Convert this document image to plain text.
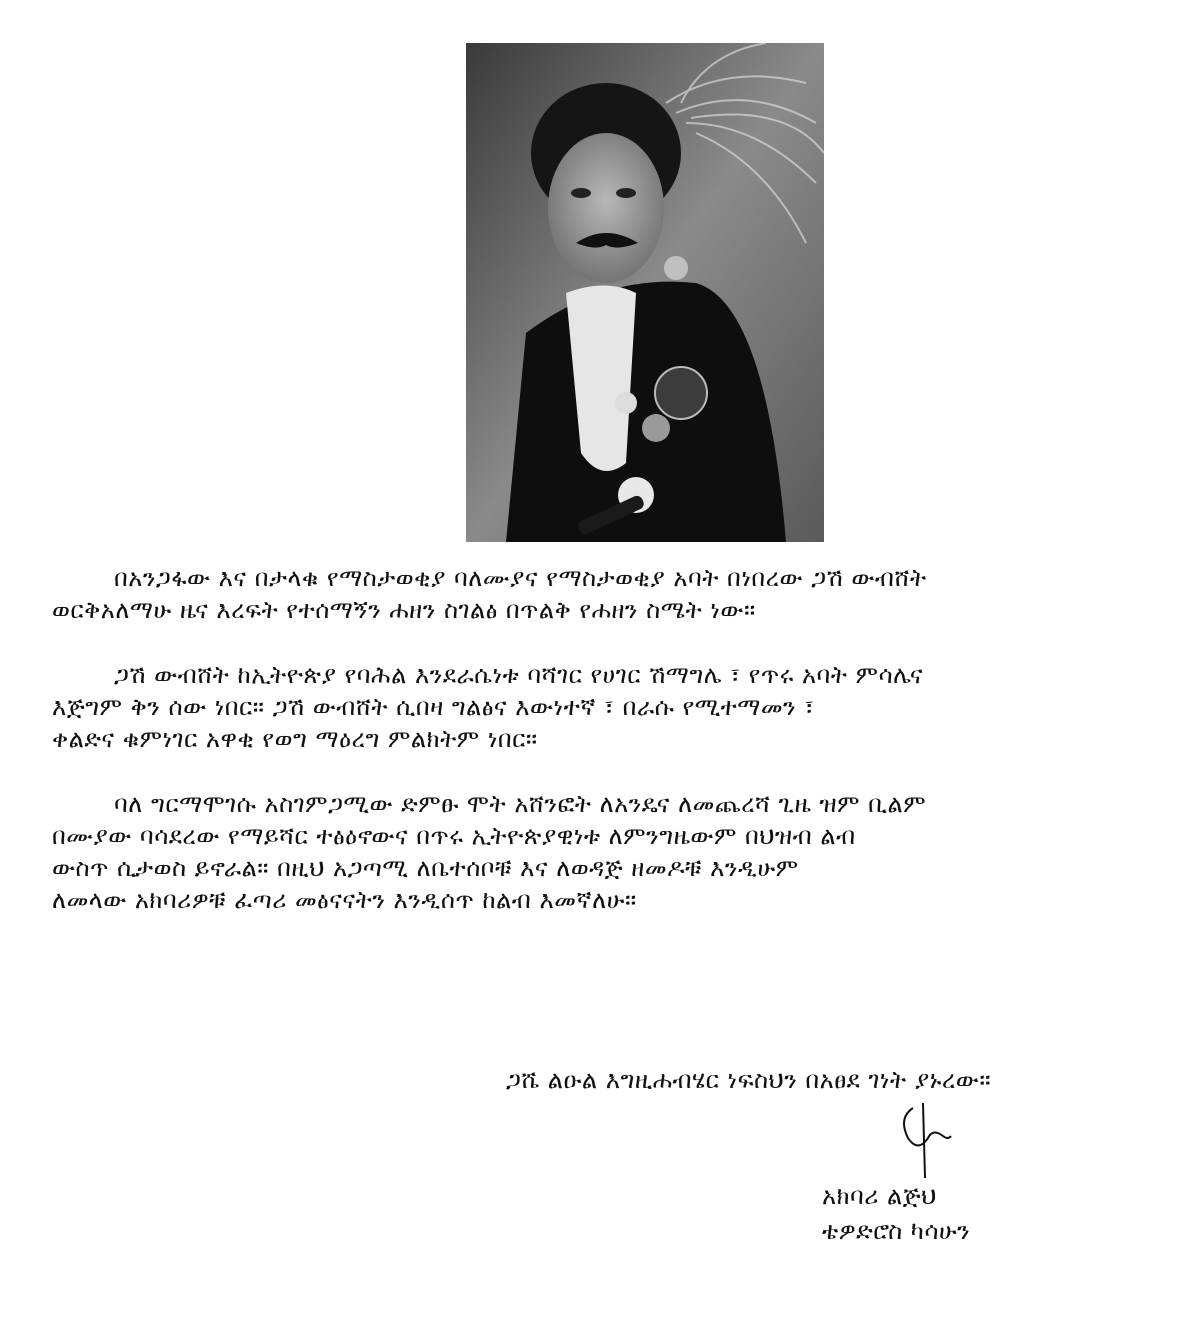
በአንጋፋው እና በታላቁ የማስታወቂያ ባለሙያና የማስታወቂያ አባት በነበረው ጋሽ ውብሸት
ወርቅአለማሁ ዜና እረፍት የተሰማኝን ሐዘን ስገልፅ በጥልቅ የሐዘን ስሜት ነው።

ጋሽ ውብሸት ከኢትዮጵያ የባሕል እንደራሴነቱ ባሻገር የሀገር ሽማግሌ ፣ የጥሩ አባት ምሳሌና
እጅግም ቅን ሰው ነበር። ጋሽ ውብሸት ሲበዛ ግልፅና እውነተኛ ፣ በራሱ የሚተማመን ፣
ቀልድና ቁምነገር አዋቂ የወግ ማዕረግ ምልክትም ነበር።

ባለ ግርማሞገሱ አስገምጋሚው ድምፁ ሞት አሸንፎት ለአንዴና ለመጨረሻ ጊዜ ዝም ቢልም
በሙያው ባሳደረው የማይሻር ተፅዕኖውና በጥሩ ኢትዮጵያዊነቱ ለምንግዜውም በህዝብ ልብ
ውስጥ ሲታወስ ይኖራል። በዚህ አጋጣሚ ለቤተሰቦቹ እና ለወዳጅ ዘመዶቹ እንዲሁም
ለመላው አክባሪዎቹ ፈጣሪ መፅናናትን እንዲሰጥ ከልብ እመኛለሁ።

ጋሼ ልዑል እግዚሐብሄር ነፍስህን በአፀደ ገነት ያኑረው።
አክባሪ ልጅህ
ቴዎድሮስ ካሳሁን
